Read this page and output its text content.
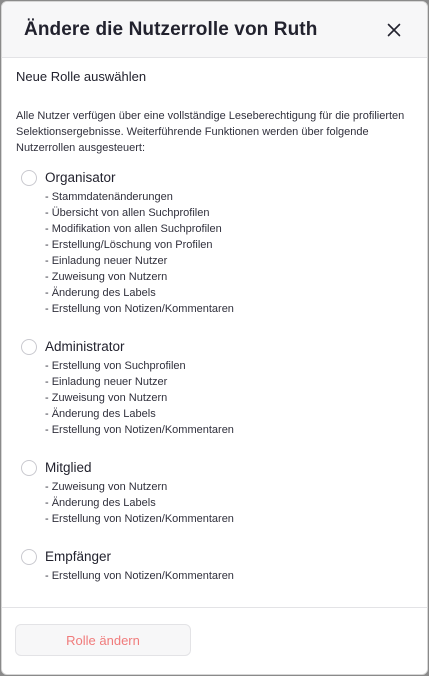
Ändere die Nutzerrolle von Ruth
Neue Rolle auswählen
Alle Nutzer verfügen über eine vollständige Leseberechtigung für die profilierten Selektionsergebnisse. Weiterführende Funktionen werden über folgende Nutzerrollen ausgesteuert:
Organisator
- Stammdatenänderungen
- Übersicht von allen Suchprofilen
- Modifikation von allen Suchprofilen
- Erstellung/Löschung von Profilen
- Einladung neuer Nutzer
- Zuweisung von Nutzern
- Änderung des Labels
- Erstellung von Notizen/Kommentaren
Administrator
- Erstellung von Suchprofilen
- Einladung neuer Nutzer
- Zuweisung von Nutzern
- Änderung des Labels
- Erstellung von Notizen/Kommentaren
Mitglied
- Zuweisung von Nutzern
- Änderung des Labels
- Erstellung von Notizen/Kommentaren
Empfänger
- Erstellung von Notizen/Kommentaren
Rolle ändern
